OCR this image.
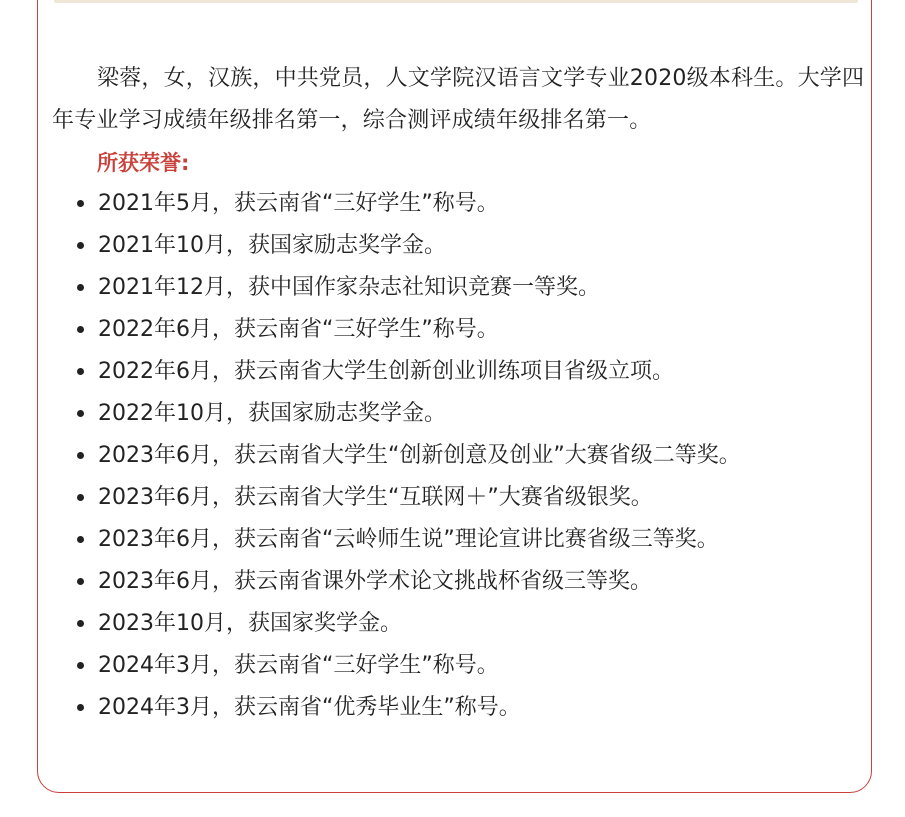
梁蓉，女，汉族，中共党员，人文学院汉语言文学专业2020级本科生。大学四年专业学习成绩年级排名第一，综合测评成绩年级排名第一。

所获荣誉:

2021年5月，获云南省“三好学生”称号。
2021年10月，获国家励志奖学金。
2021年12月，获中国作家杂志社知识竞赛一等奖。
2022年6月，获云南省“三好学生”称号。
2022年6月，获云南省大学生创新创业训练项目省级立项。
2022年10月，获国家励志奖学金。
2023年6月，获云南省大学生“创新创意及创业”大赛省级二等奖。
2023年6月，获云南省大学生“互联网＋”大赛省级银奖。
2023年6月，获云南省“云岭师生说”理论宣讲比赛省级三等奖。
2023年6月，获云南省课外学术论文挑战杯省级三等奖。
2023年10月，获国家奖学金。
2024年3月，获云南省“三好学生”称号。
2024年3月，获云南省“优秀毕业生”称号。
